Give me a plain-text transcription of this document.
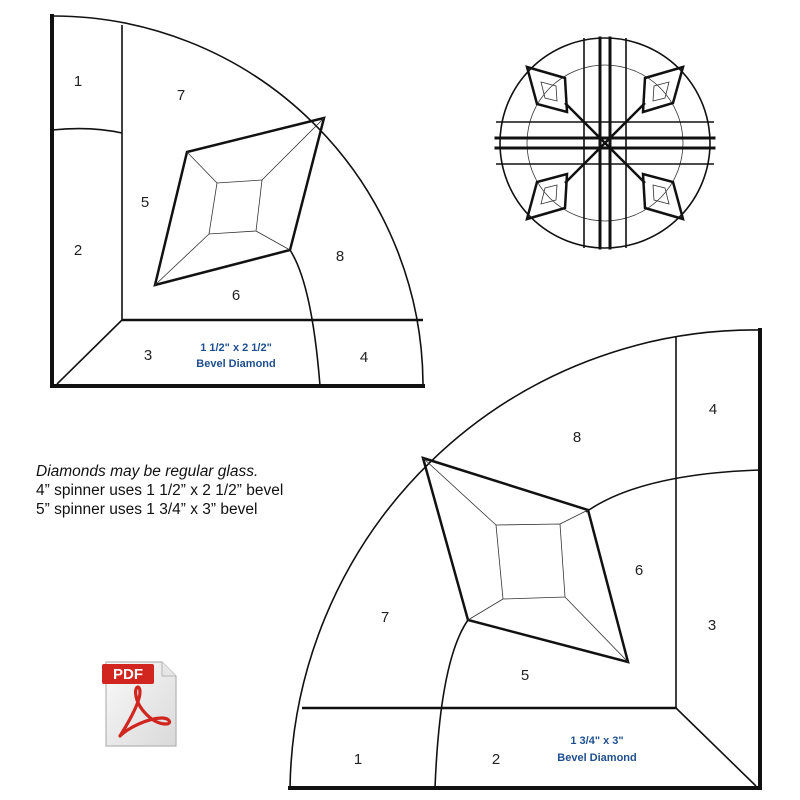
1
7
5
2	8
6
3	4
1 1/2" x 2 1/2"
Bevel Diamond
8
4
6
3
7
5
1	2
1 3/4" x 3"
Bevel Diamond
Diamonds may be regular glass.
4” spinner uses 1 1/2” x 2 1/2” bevel
5” spinner uses 1 3/4” x 3” bevel
PDF
